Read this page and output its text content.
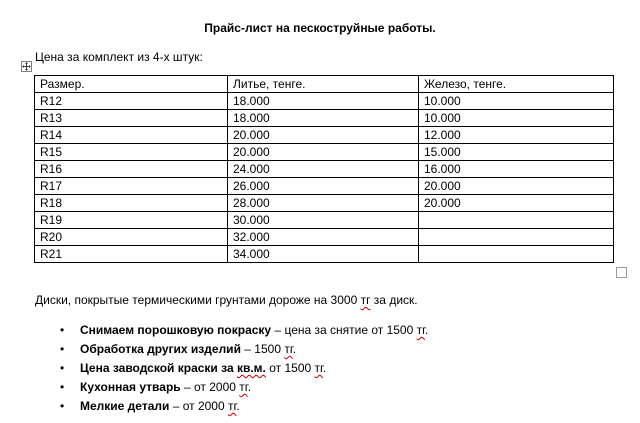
Прайс-лист на пескоструйные работы.
Цена за комплект из 4-х штук:
Размер.	Литье, тенге.	Железо, тенге.
R12	18.000	10.000
R13	18.000	10.000
R14	20.000	12.000
R15	20.000	15.000
R16	24.000	16.000
R17	26.000	20.000
R18	28.000	20.000
R19	30.000	
R20	32.000	
R21	34.000	
Диски, покрытые термическими грунтами дороже на 3000 тг за диск.
• Снимаем порошковую покраску – цена за снятие от 1500 тг.
• Обработка других изделий – 1500 тг.
• Цена заводской краски за кв.м. от 1500 тг.
• Кухонная утварь – от 2000 тг.
• Мелкие детали – от 2000 тг.
